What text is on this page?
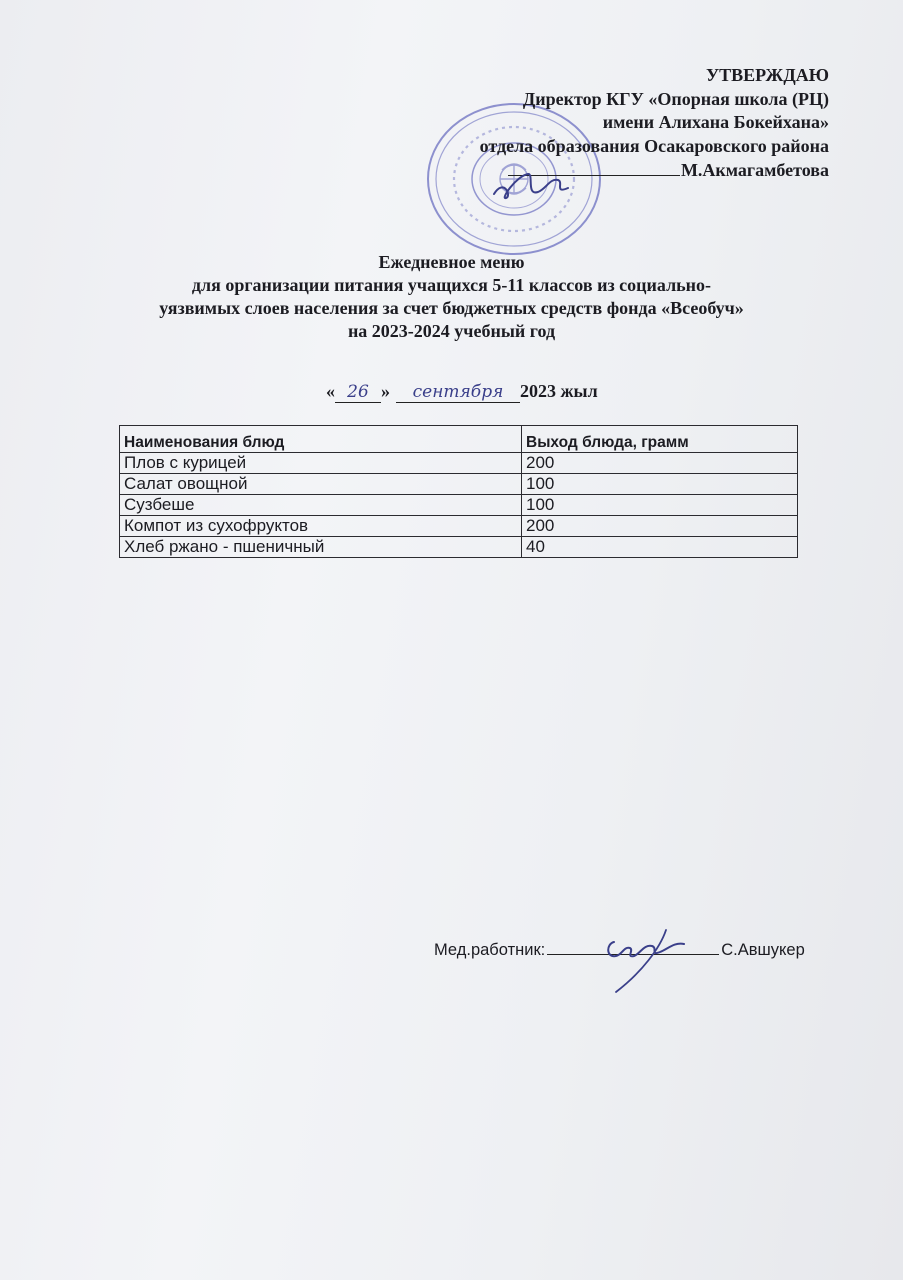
УТВЕРЖДАЮ
Директор КГУ «Опорная школа (РЦ)
имени Алихана Бокейхана»
отдела образования Осакаровского района
М.Акмагамбетова
Ежедневное меню
для организации питания учащихся 5-11 классов из социально-
уязвимых слоев населения за счет бюджетных средств фонда «Всеобуч»
на 2023-2024 учебный год
« 26 » сентября 2023 жыл
Наименования блюд	Выход блюда, грамм
Плов с курицей	200
Салат овощной	100
Сузбеше	100
Компот из сухофруктов	200
Хлеб ржано - пшеничный	40
Мед.работник:	С.Авшукер
